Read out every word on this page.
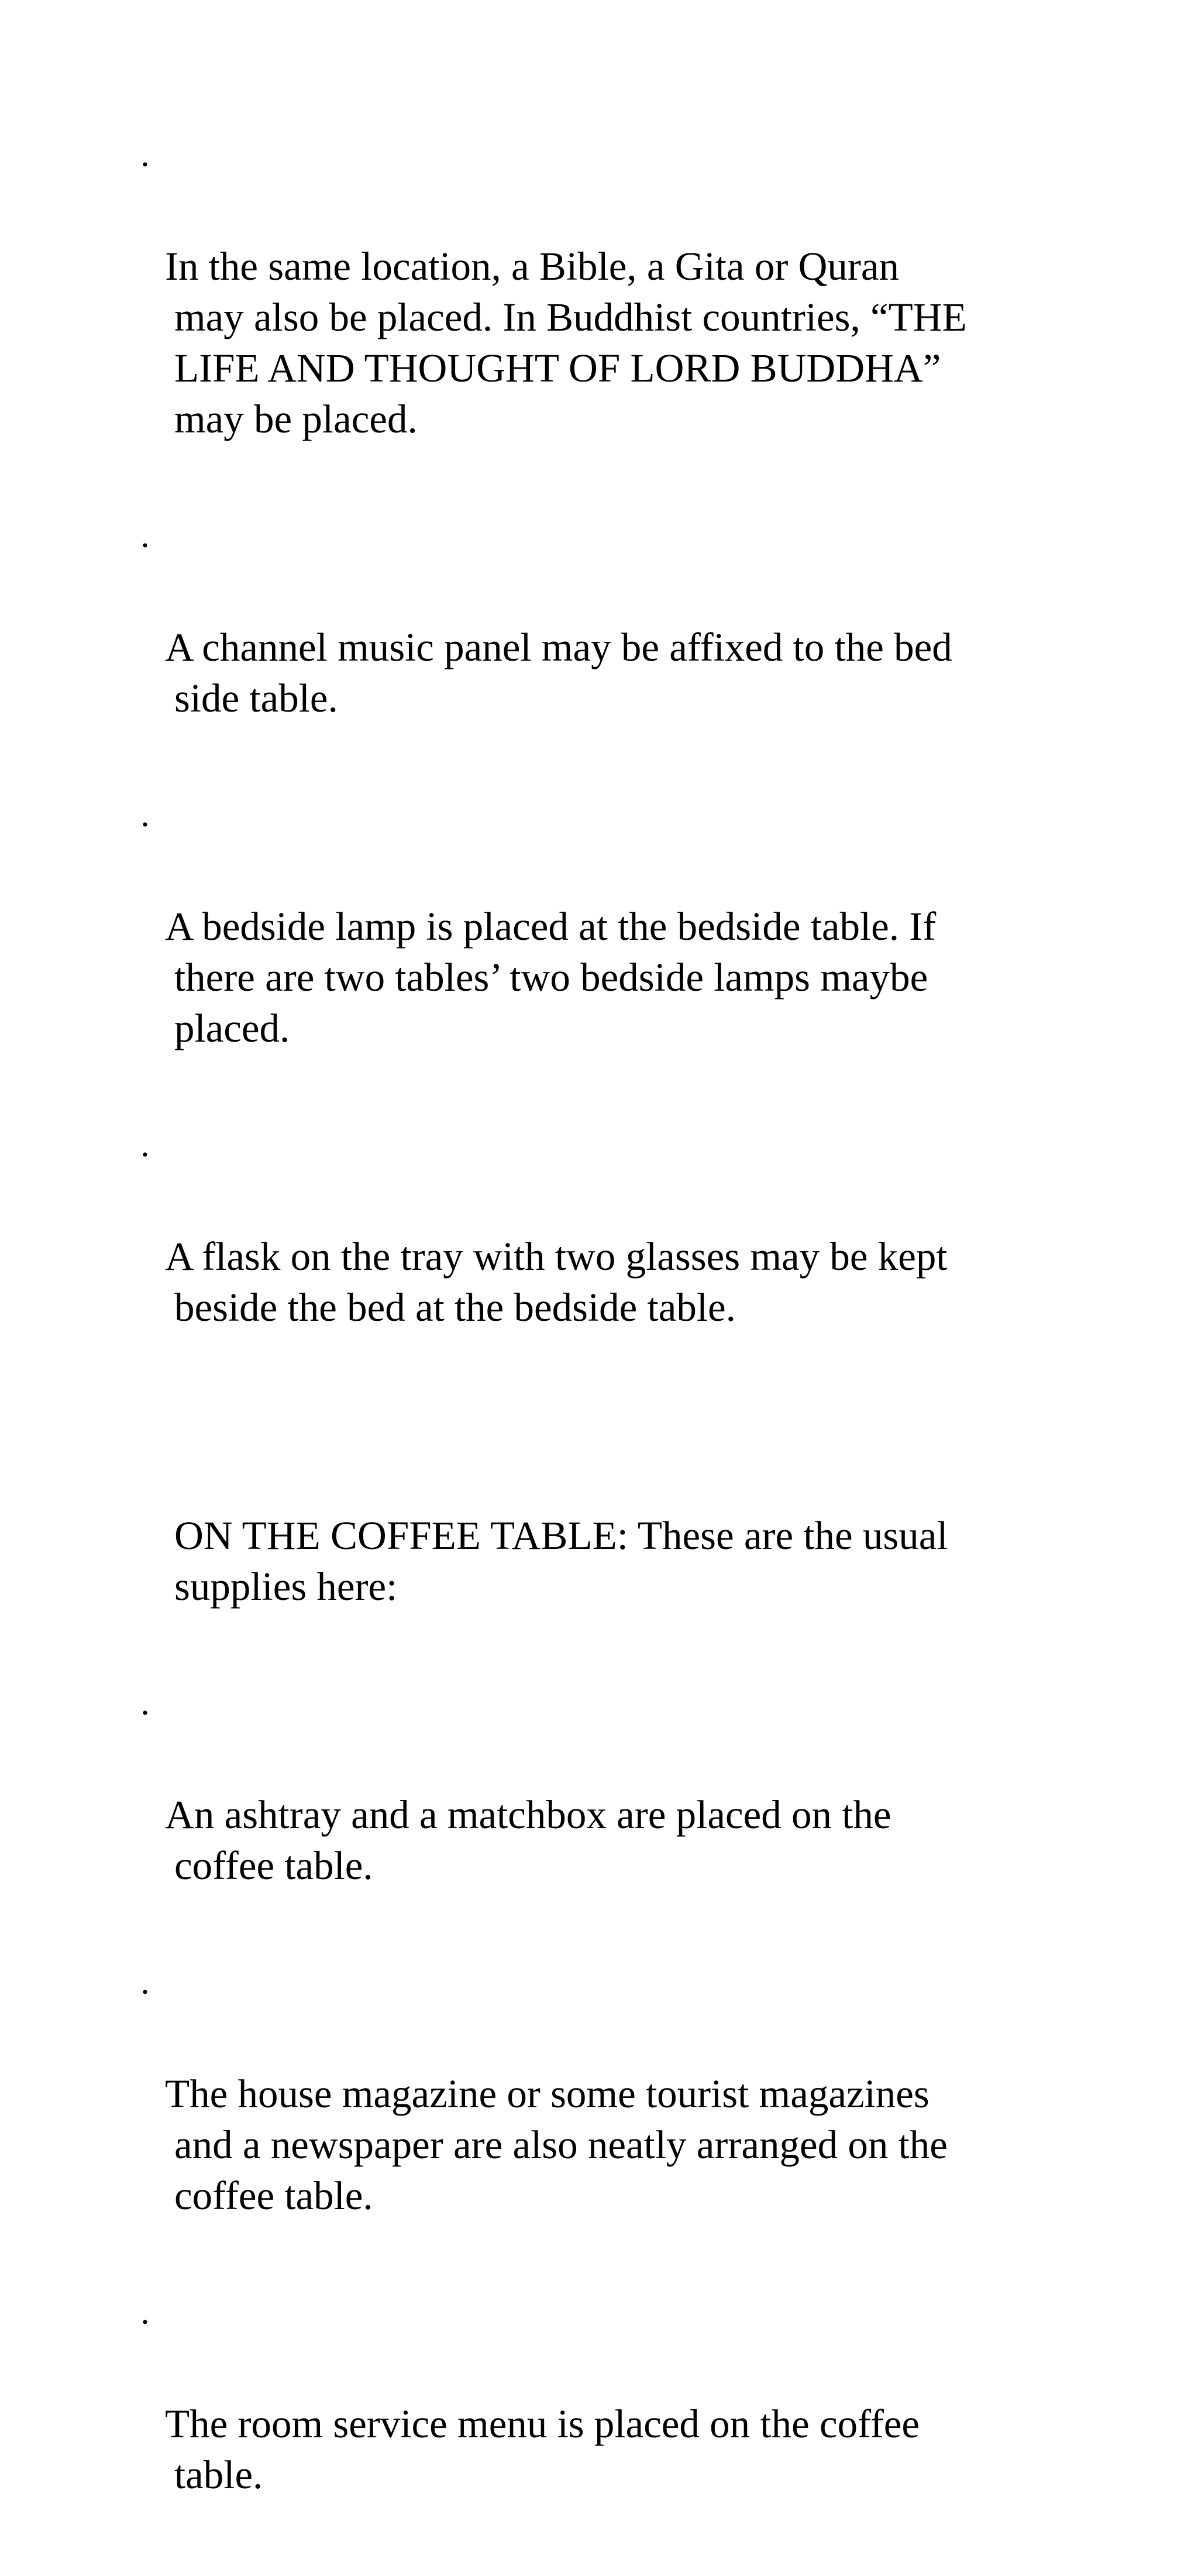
·

In the same location, a Bible, a Gita or Quran
may also be placed. In Buddhist countries, “THE
LIFE AND THOUGHT OF LORD BUDDHA”
may be placed.

·

A channel music panel may be affixed to the bed
side table.

·

A bedside lamp is placed at the bedside table. If
there are two tables’ two bedside lamps maybe
placed.

·

A flask on the tray with two glasses may be kept
beside the bed at the bedside table.

ON THE COFFEE TABLE: These are the usual
supplies here:

·

An ashtray and a matchbox are placed on the
coffee table.

·

The house magazine or some tourist magazines
and a newspaper are also neatly arranged on the
coffee table.

·

The room service menu is placed on the coffee
table.
